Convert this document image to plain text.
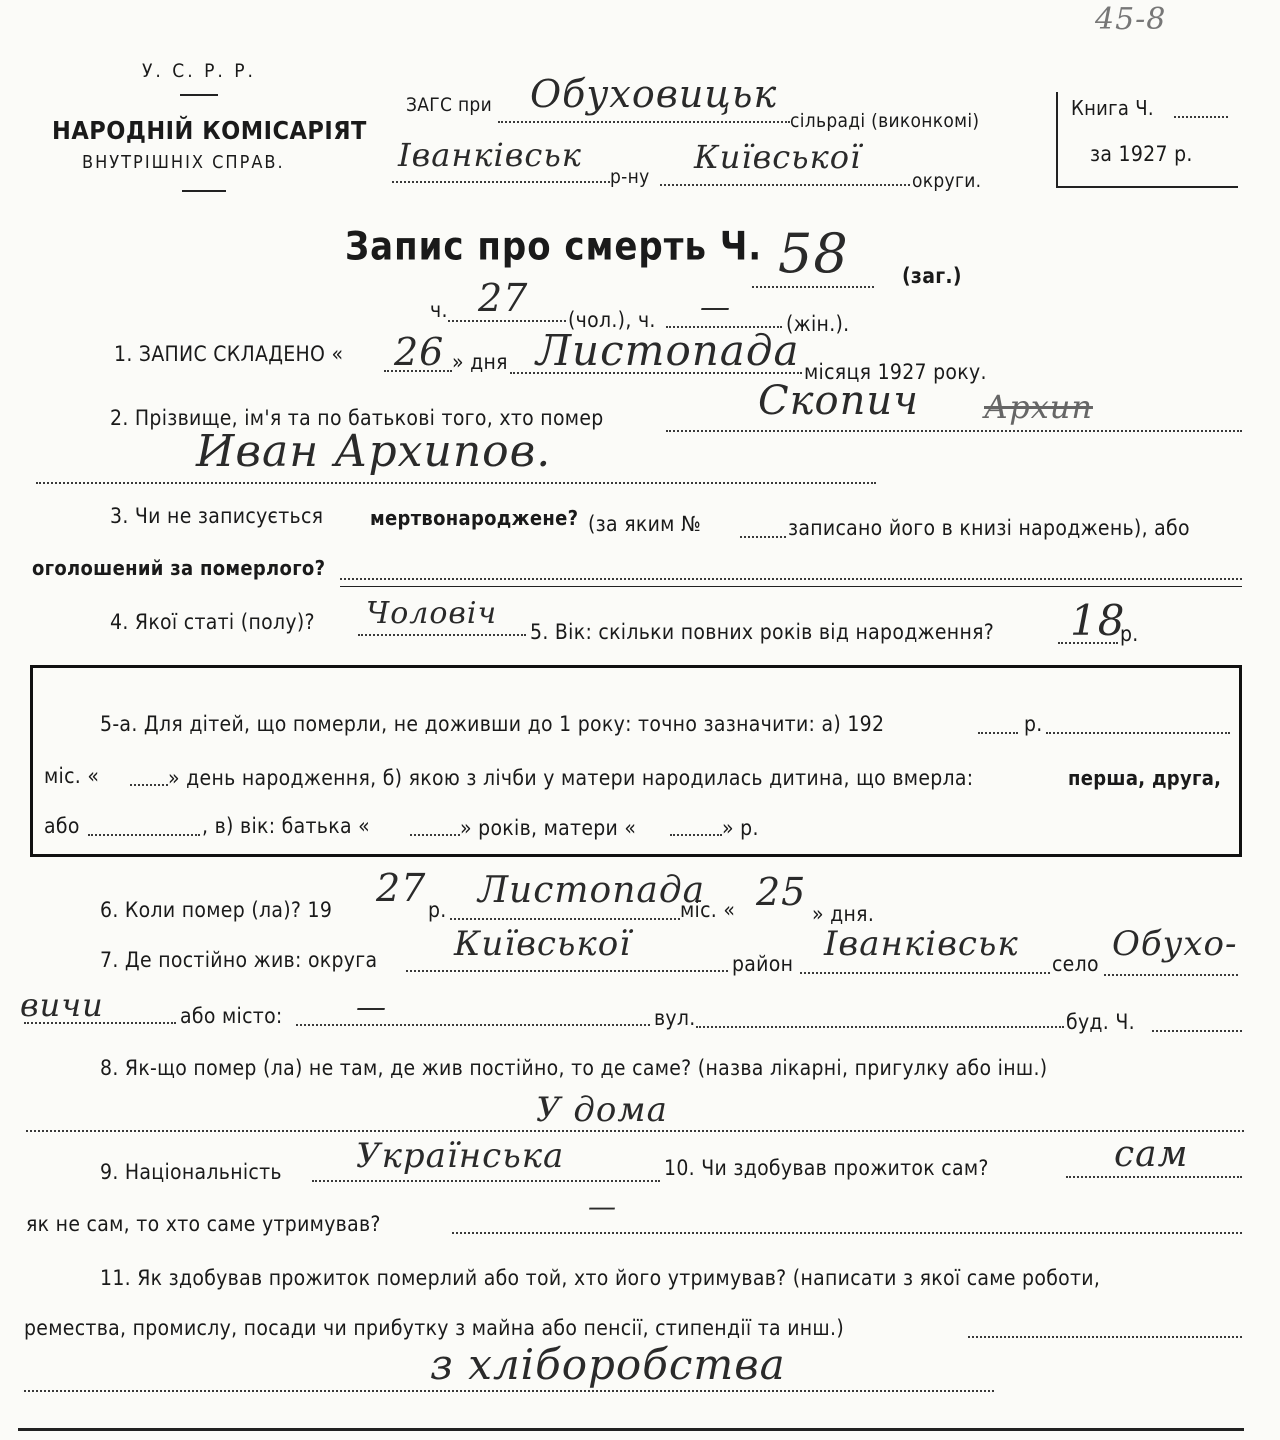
45-8
У. С. Р. Р.
НАРОДНІЙ КОМІСАРІЯТ
ВНУТРІШНІХ СПРАВ.
ЗАГС при Обуховицьк
сільраді (виконкомі)
Іванківськ
р-ну
Київської
округи.
Книга Ч.
за 1927 р.
Запис про смерть Ч. 58	(заг.)
ч. 27 (чол.), ч. —	(жін.).
1. ЗАПИС СКЛАДЕНО « 26 » дня Листопада місяця 1927 року.
2. Прізвище, ім'я та по батькові того, хто помер	Скопич Архип
Иван Архипов.
3. Чи не записується мертвонароджене? (за яким №	записано його в книзі народжень), або
оголошений за померлого?
4. Якої статі (полу)? Чоловіч
5. Вік: скільки повних років від народження? 18
р.
5-а. Для дітей, що померли, не доживши до 1 року: точно зазначити: а) 192	р.
міс. «	» день народження, б) якою з лічби у матери народилась дитина, що вмерла:	перша, друга,
або	, в) вік: батька «	» років, матери «	» р.
6. Коли помер (ла)? 19 27 р. Листопада
міс. « 25 » дня.
7. Де постійно жив: округа Київської	район Іванківськ село Обухо-
вичи	або місто: —	вул.	буд. Ч.
8. Як-що помер (ла) не там, де жив постійно, то де саме? (назва лікарні, пригулку або інш.)
У дома
9. Національність Українська	10. Чи здобував прожиток сам?	сам
як не сам, то хто саме утримував?
—
11. Як здобував прожиток померлий або той, хто його утримував? (написати з якої саме роботи,
ремества, промислу, посади чи прибутку з майна або пенсії, стипендії та инш.)
з хліборобства
